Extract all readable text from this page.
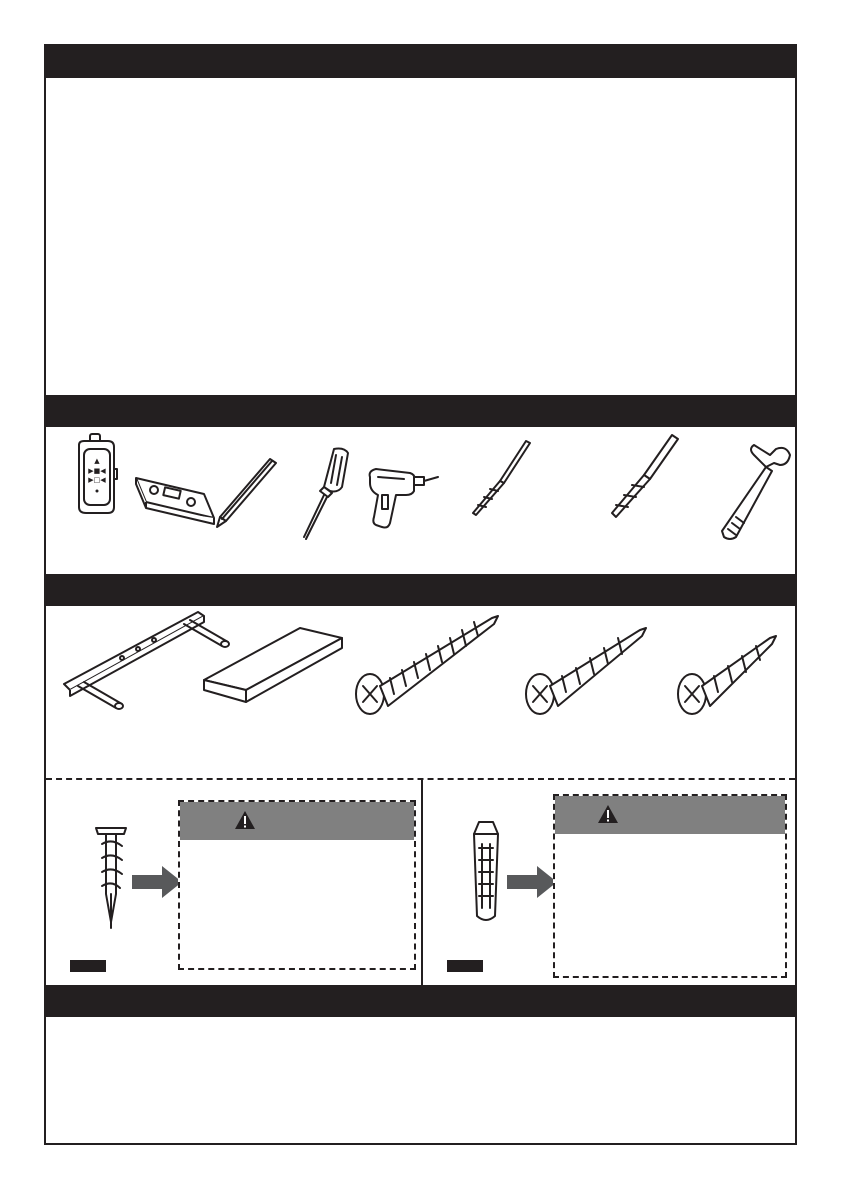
▲
▶■◀
▶□◀
